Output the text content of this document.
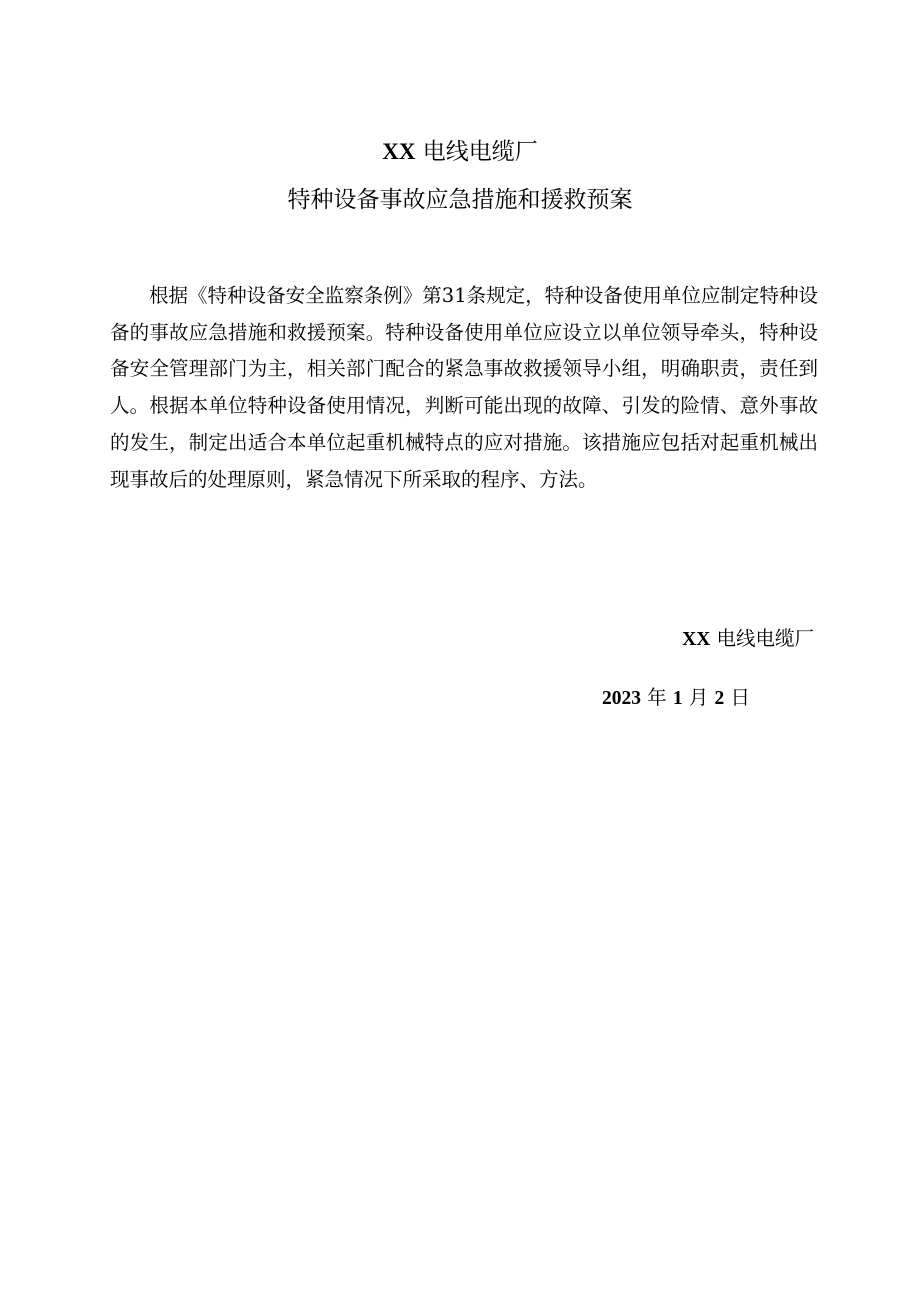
XX 电线电缆厂
特种设备事故应急措施和援救预案

根据《特种设备安全监察条例》第31条规定，特种设备使用单位应制定特种设备的事故应急措施和救援预案。特种设备使用单位应设立以单位领导牵头，特种设备安全管理部门为主，相关部门配合的紧急事故救援领导小组，明确职责，责任到人。根据本单位特种设备使用情况，判断可能出现的故障、引发的险情、意外事故的发生，制定出适合本单位起重机械特点的应对措施。该措施应包括对起重机械出现事故后的处理原则，紧急情况下所采取的程序、方法。

XX 电线电缆厂
2023 年 1 月 2 日
